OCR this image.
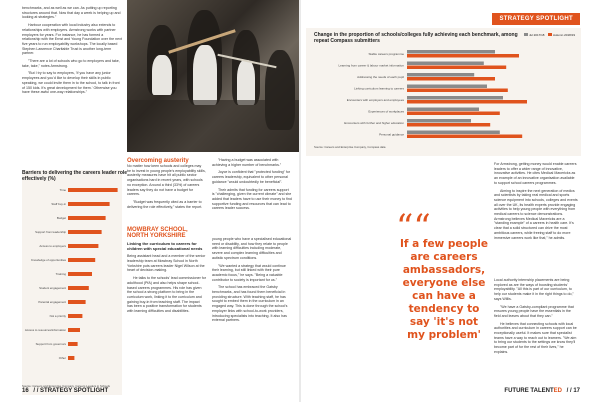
STRATEGY SPOTLIGHT

benchmarks, and as well as we can. As putting up reporting structures around that. Now that day a week is helping up and looking at strategies."

Harbour cooperation with local industry also extends to relationships with employers. Armstrong works with partner employers for years. For instance, he has formed a relationship with the Ernst and Young Foundation over the next five years to run employability workshops. The locally based Stephen Lawrence Charitable Trust is another long-term partner.

"There are a lot of schools who go to employers and take, take, take," notes Armstrong.

"But I try to say to employers, 'If you have any junior employees and you'd like to develop their skills in public speaking, we could invite them in to the school, to talk in front of 150 kids. It's great development for them.' Otherwise you have these awful one-way relationships."

Barriers to delivering the careers leader role effectively (%)
Time
Staff buy-in
Budget
Support from leadership
Access to employers
Knowledge of opportunities
Training
Student engagement
Parental engagement
Not a priority
Access to resources/information
Support from governors
Other
Source: Careers and Enterprise Company, Careers Leaders in Schools
Overcoming austerity

No matter how keen schools and colleges may be to invest in young people's employability skills, austerity measures have hit all public sector organisations hard in recent years, with schools no exception. Around a third (33%) of careers leaders say they do not have a budget for careers.

"Budget was frequently cited as a barrier to delivering the role effectively," states the report.

MOWBRAY SCHOOL, NORTH YORKSHIRE
Linking the curriculum to careers for children with special educational needs

Being assistant head and a member of the senior leadership team at Mowbray School in North Yorkshire puts careers leader Nigel Wilson at the heart of decision-making.

He talks to the schools' lead commissioner for adulthood (PfA) and also helps shape school-based careers programmes. His role has given the school a strong platform to bring in the curriculum work, linking it to the curriculum and gaining buy-in from teaching staff. The impact has been a positive transformation for students with learning difficulties and disabilities.

"Having a budget was associated with achieving a higher number of benchmarks."

Joyce is confident that "protected funding" for careers leadership, equivalent to other personal guidance "would undoubtedly be beneficial".

Their admits that funding for careers support is "challenging, given the current climate" and she added that leaders have to use their money to find supportive funding and resources that can lead to careers leader success.

young people who have a specialised educational need or disability, and how they relate to people with learning difficulties including moderate, severe and complex learning difficulties and autistic spectrum conditions.

"We wanted a strategy that would continue their learning, but still linked with their pure academic focus," he says. "Being a valuable contributor to society is important for us."

The school has embraced the Gatsby benchmarks, and has found them beneficial in providing structure. With teaching staff, he has sought to embed them in the curriculum in an engaged way. This is done through the school's employer links with school-to-work providers, introducing specialists into teaching. It also has external partners.

Change in the proportion of schools/colleges fully achieving each benchmark, among repeat Compass submitters
Jul 2017/18	Autumn 2018/19
Stable careers programme
Learning from career & labour market information
Addressing the needs of each pupil
Linking curriculum learning to careers
Encounters with employers and employees
Experiences of workplaces
Encounters with further and higher education
Personal guidance
Source: Careers and Enterprise Company, Compass data

For Armstrong, getting money would enable careers leaders to offer a wider range of innovative, innovative activities. He cites Medical Mavericks as an example of an innovative organisation available to support school careers programmes.

Aiming to inspire the next generation of medics and scientists by taking real medical and sports science equipment into schools, colleges and events all over the UK, its health experts provide engaging activities to help young people with everything from medical careers to science demonstrations. Armstrong believes Medical Mavericks are a "standing example" of a careers in health care. It's clear that a solid structured can drive the most ambitious careers, while freeing staff to do more immersive careers work like that," he admits.

““
If a few people are careers ambassadors, everyone else can have a tendency to say 'it's not my problem'

Local authority internship placements are being explored as are the ways of boosting students' employability. "All this is part of our curriculum, to help our students make it in the right things to do," says Willis.

"We have a Gatsby-compliant programme that ensures young people have the essentials in the field and leaves about that they can."

He believes that connecting schools with local authorities and curriculum in careers support can be exceptionally useful. It makes sure that specialist teams have a way to reach out to learners. "We aim to bring our students to the settings we know they'll become part of for the rest of their lives," he explains.

16 / / STRATEGY SPOTLIGHT	FUTURE TALENTED / / 17
